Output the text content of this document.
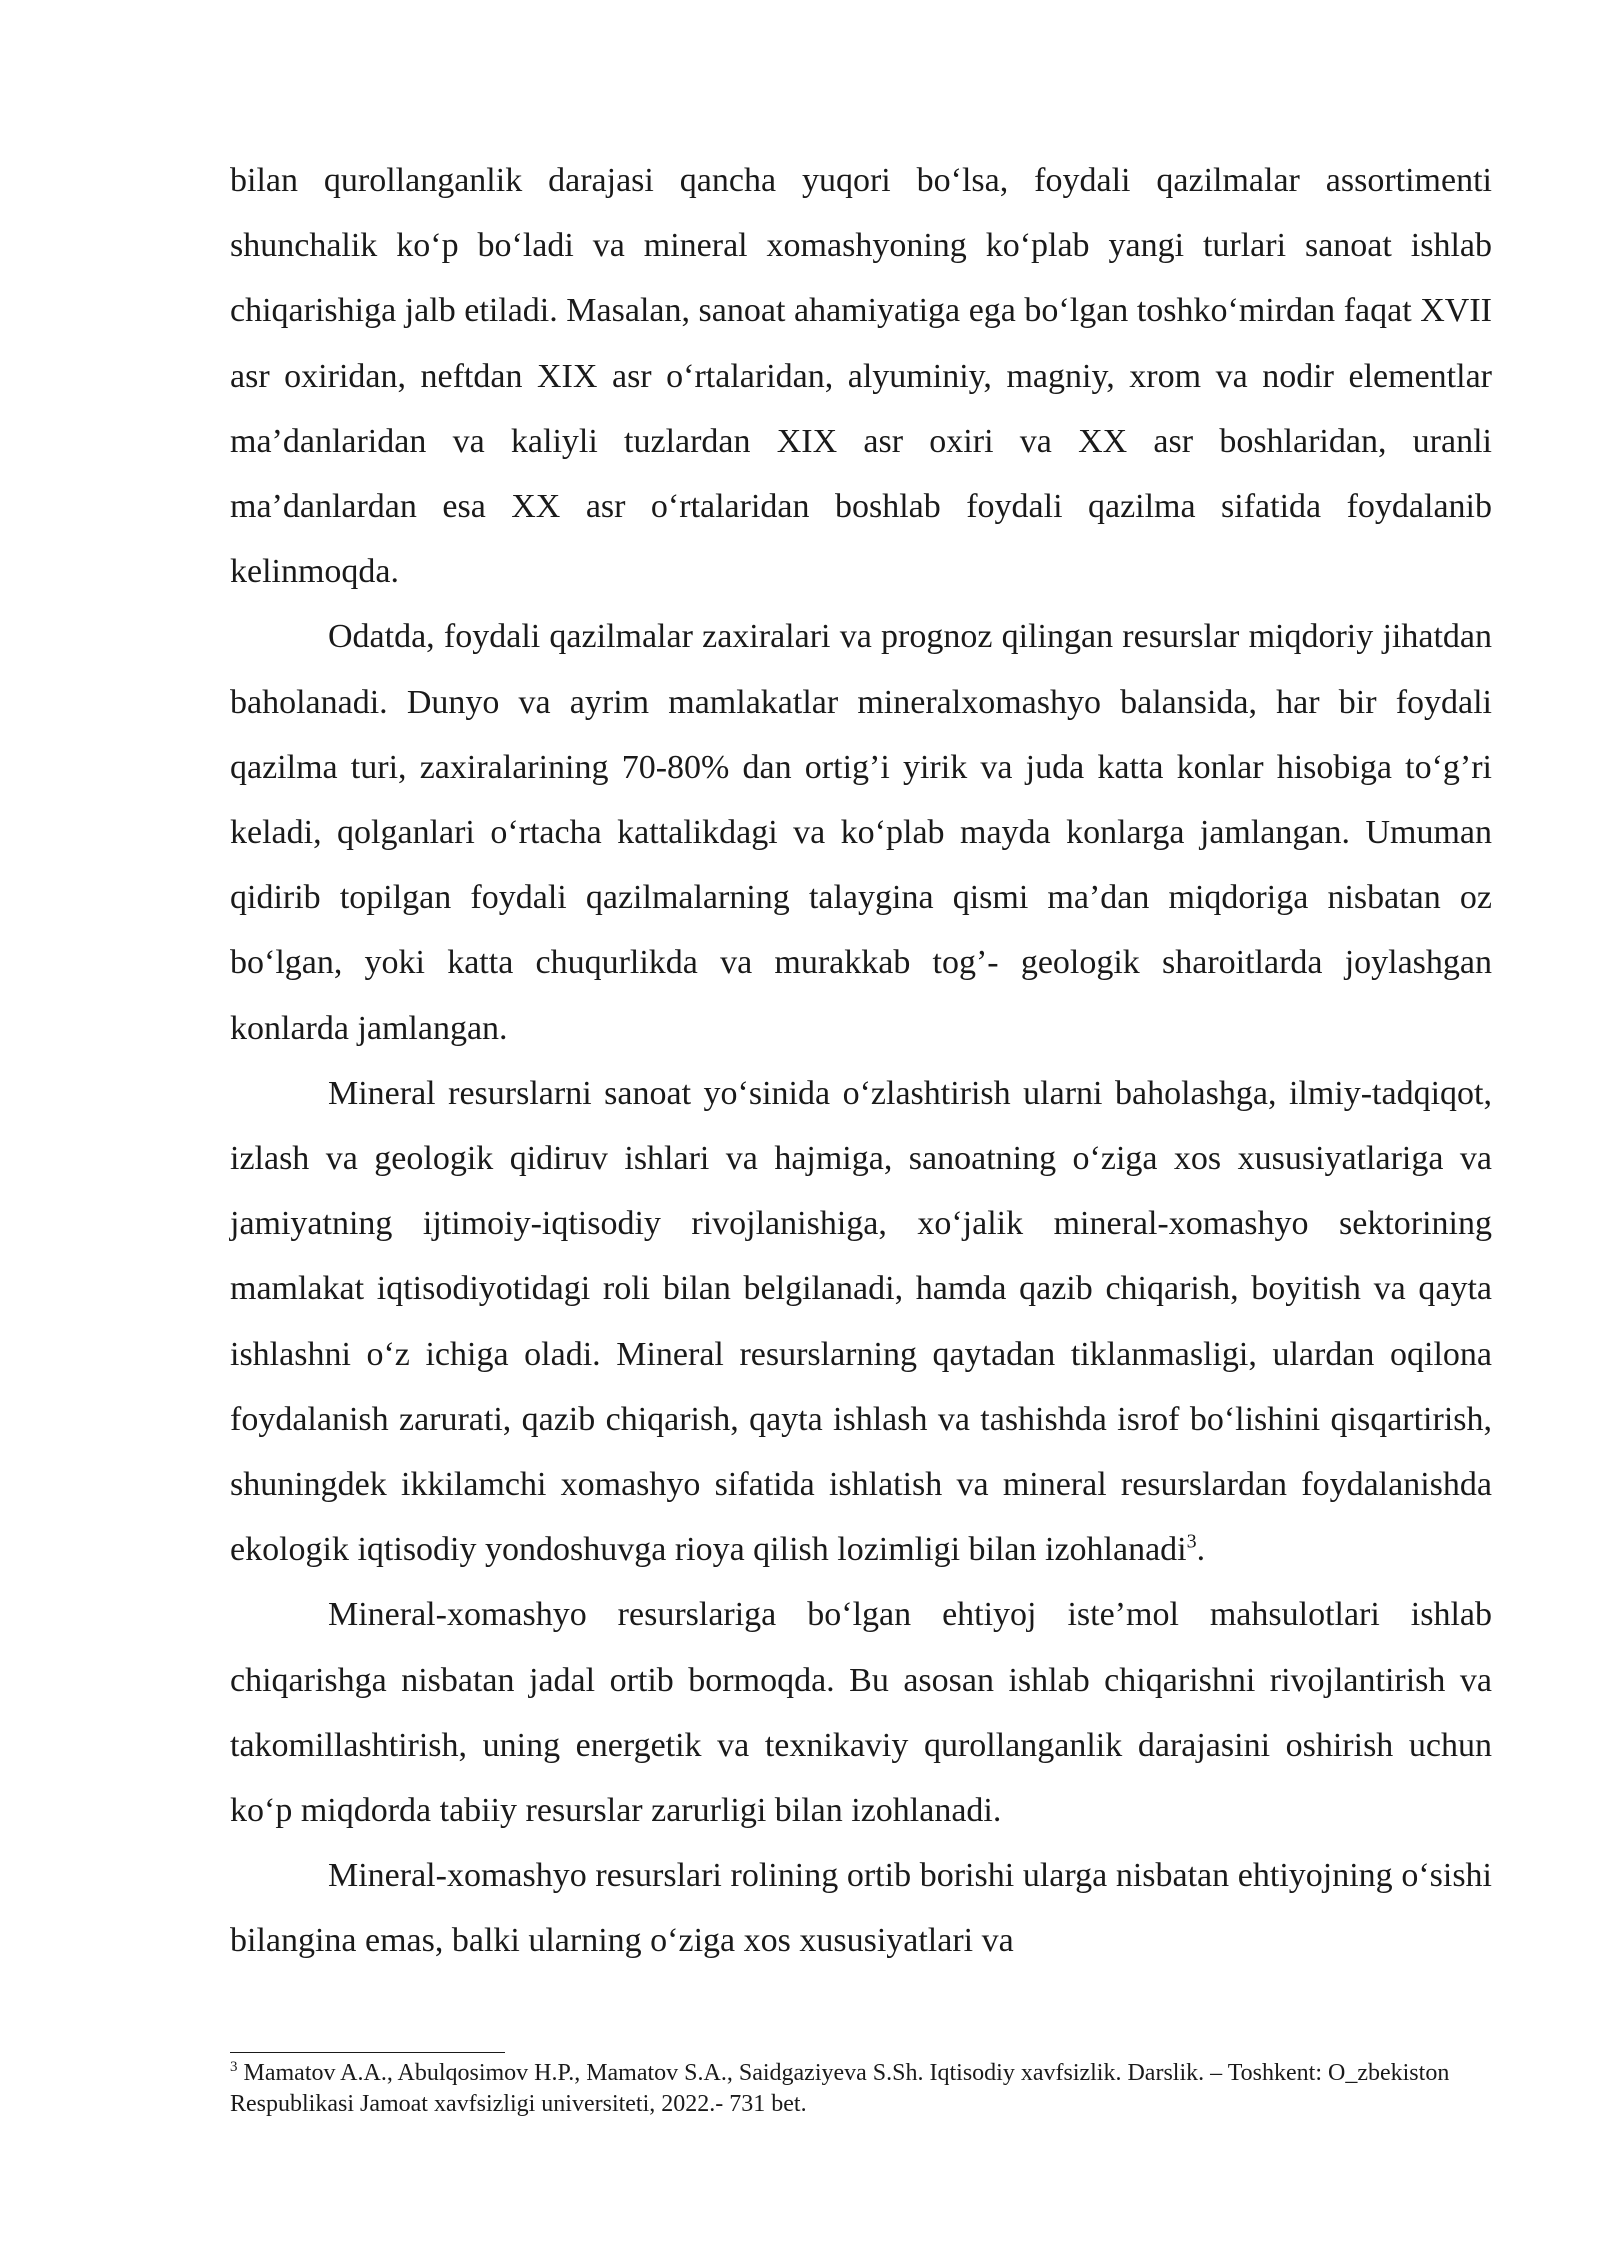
bilan qurollanganlik darajasi qancha yuqori bo‘lsa, foydali qazilmalar assortimenti shunchalik ko‘p bo‘ladi va mineral xomashyoning ko‘plab yangi turlari sanoat ishlab chiqarishiga jalb etiladi. Masalan, sanoat ahamiyatiga ega bo‘lgan toshko‘mirdan faqat XVII asr oxiridan, neftdan XIX asr o‘rtalaridan, alyuminiy, magniy, xrom va nodir elementlar ma’danlaridan va kaliyli tuzlardan XIX asr oxiri va XX asr boshlaridan, uranli ma’danlardan esa XX asr o‘rtalaridan boshlab foydali qazilma sifatida foydalanib kelinmoqda.

Odatda, foydali qazilmalar zaxiralari va prognoz qilingan resurslar miqdoriy jihatdan baholanadi. Dunyo va ayrim mamlakatlar mineralxomashyo balansida, har bir foydali qazilma turi, zaxiralarining 70-80% dan ortig’i yirik va juda katta konlar hisobiga to‘g’ri keladi, qolganlari o‘rtacha kattalikdagi va ko‘plab mayda konlarga jamlangan. Umuman qidirib topilgan foydali qazilmalarning talaygina qismi ma’dan miqdoriga nisbatan oz bo‘lgan, yoki katta chuqurlikda va murakkab tog’- geologik sharoitlarda joylashgan konlarda jamlangan.

Mineral resurslarni sanoat yo‘sinida o‘zlashtirish ularni baholashga, ilmiy-tadqiqot, izlash va geologik qidiruv ishlari va hajmiga, sanoatning o‘ziga xos xususiyatlariga va jamiyatning ijtimoiy-iqtisodiy rivojlanishiga, xo‘jalik mineral-xomashyo sektorining mamlakat iqtisodiyotidagi roli bilan belgilanadi, hamda qazib chiqarish, boyitish va qayta ishlashni o‘z ichiga oladi. Mineral resurslarning qaytadan tiklanmasligi, ulardan oqilona foydalanish zarurati, qazib chiqarish, qayta ishlash va tashishda isrof bo‘lishini qisqartirish, shuningdek ikkilamchi xomashyo sifatida ishlatish va mineral resurslardan foydalanishda ekologik iqtisodiy yondoshuvga rioya qilish lozimligi bilan izohlanadi$^3$.

Mineral-xomashyo resurslariga bo‘lgan ehtiyoj iste’mol mahsulotlari ishlab chiqarishga nisbatan jadal ortib bormoqda. Bu asosan ishlab chiqarishni rivojlantirish va takomillashtirish, uning energetik va texnikaviy qurollanganlik darajasini oshirish uchun ko‘p miqdorda tabiiy resurslar zarurligi bilan izohlanadi.

Mineral-xomashyo resurslari rolining ortib borishi ularga nisbatan ehtiyojning o‘sishi bilangina emas, balki ularning o‘ziga xos xususiyatlari va

$^3$ Mamatov A.A., Abulqosimov H.P., Mamatov S.A., Saidgaziyeva S.Sh. Iqtisodiy xavfsizlik. Darslik. – Toshkent: O_zbekiston Respublikasi Jamoat xavfsizligi universiteti, 2022.- 731 bet.
